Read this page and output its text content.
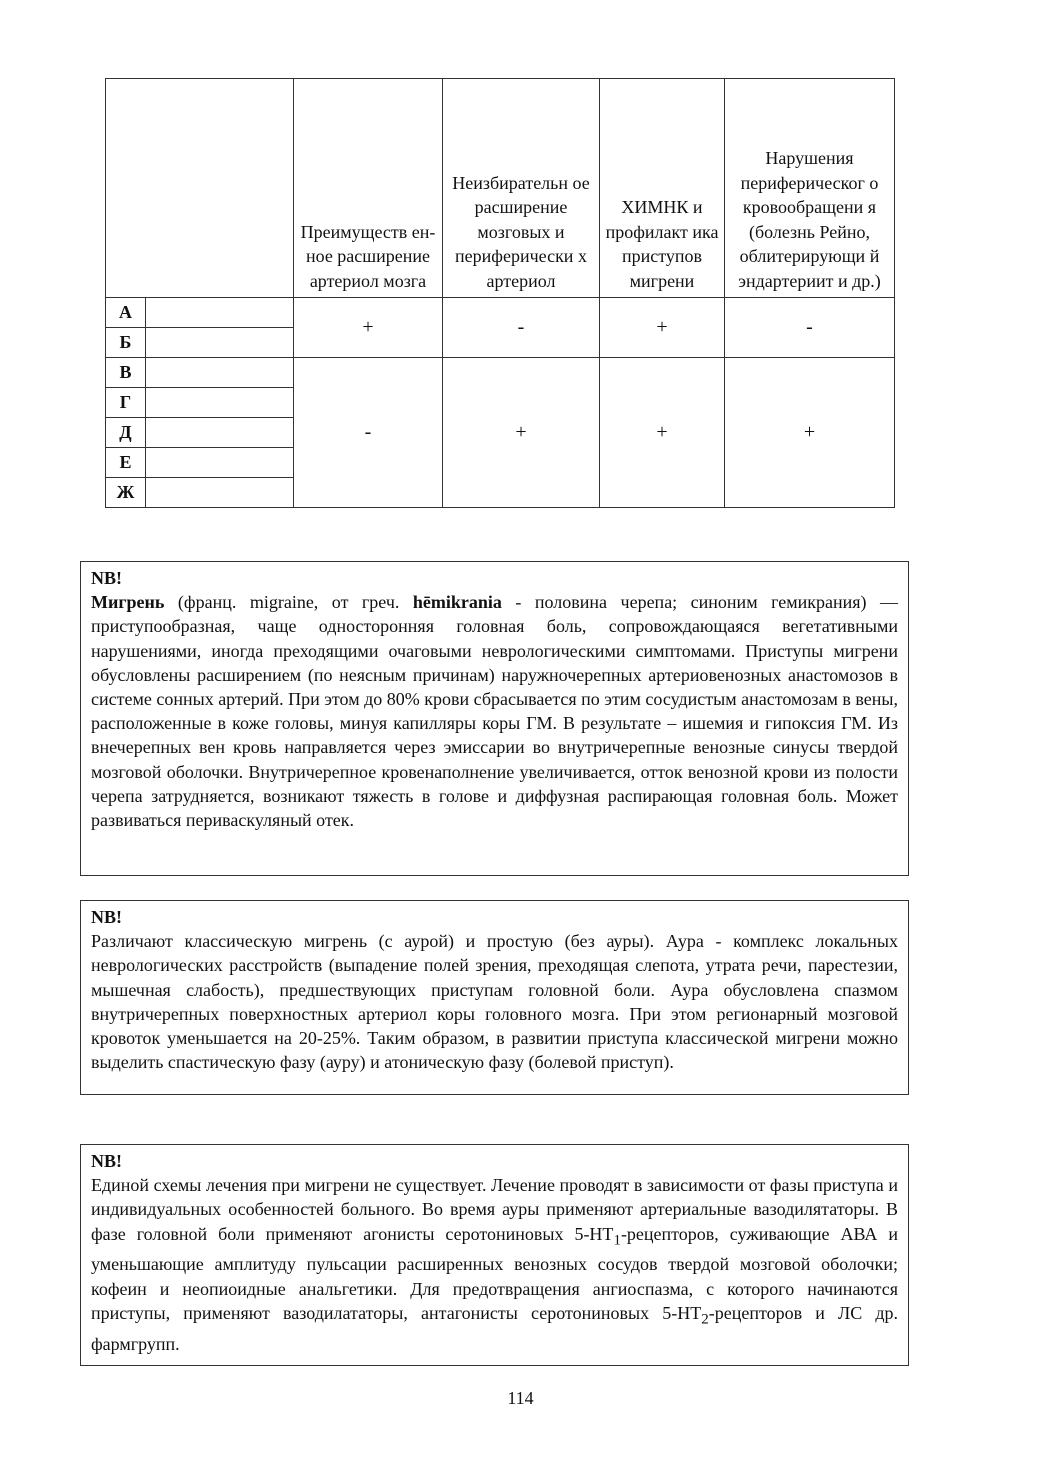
		Преимуществ ен-ное расширение артериол мозга	Неизбирательн ое расширение мозговых и периферически х артериол	ХИМНК и профилакт ика приступов мигрени	Нарушения периферическог о кровообращени я (болезнь Рейно, облитерирующи й эндартериит и др.)
А		+	-	+	-
Б					
В		-	+	+	+
Г					
Д					
Е					
Ж					
NB!

Мигрень (франц. migraine, от греч. hēmikrania - половина черепа; синоним гемикрания) — приступообразная, чаще односторонняя головная боль, сопровождающаяся вегетативными нарушениями, иногда преходящими очаговыми неврологическими симптомами. Приступы мигрени обусловлены расширением (по неясным причинам) наружночерепных артериовенозных анастомозов в системе сонных артерий. При этом до 80% крови сбрасывается по этим сосудистым анастомозам в вены, расположенные в коже головы, минуя капилляры коры ГМ. В результате – ишемия и гипоксия ГМ. Из внечерепных вен кровь направляется через эмиссарии во внутричерепные венозные синусы твердой мозговой оболочки. Внутричерепное кровенаполнение увеличивается, отток венозной крови из полости черепа затрудняется, возникают тяжесть в голове и диффузная распирающая головная боль. Может развиваться периваскуляный отек.

NB!

Различают классическую мигрень (с аурой) и простую (без ауры). Аура - комплекс локальных неврологических расстройств (выпадение полей зрения, преходящая слепота, утрата речи, парестезии, мышечная слабость), предшествующих приступам головной боли. Аура обусловлена спазмом внутричерепных поверхностных артериол коры головного мозга. При этом регионарный мозговой кровоток уменьшается на 20-25%. Таким образом, в развитии приступа классической мигрени можно выделить спастическую фазу (ауру) и атоническую фазу (болевой приступ).

NB!

Единой схемы лечения при мигрени не существует. Лечение проводят в зависимости от фазы приступа и индивидуальных особенностей больного. Во время ауры применяют артериальные вазодилятаторы. В фазе головной боли применяют агонисты серотониновых $5-НТ_1$-рецепторов, суживающие АВА и уменьшающие амплитуду пульсации расширенных венозных сосудов твердой мозговой оболочки; кофеин и неопиоидные анальгетики. Для предотвращения ангиоспазма, с которого начинаются приступы, применяют вазодилататоры, антагонисты серотониновых $5-НТ_2$-рецепторов и ЛС др. фармгрупп.

114
